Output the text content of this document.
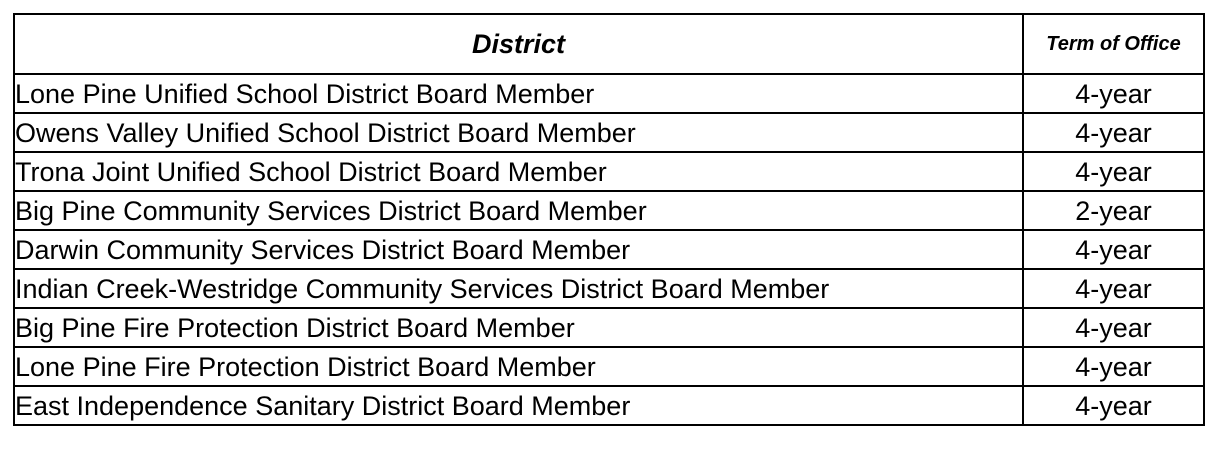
District	Term of Office
Lone Pine Unified School District Board Member	4-year
Owens Valley Unified School District Board Member	4-year
Trona Joint Unified School District Board Member	4-year
Big Pine Community Services District Board Member	2-year
Darwin Community Services District Board Member	4-year
Indian Creek-Westridge Community Services District Board Member	4-year
Big Pine Fire Protection District Board Member	4-year
Lone Pine Fire Protection District Board Member	4-year
East Independence Sanitary District Board Member	4-year
